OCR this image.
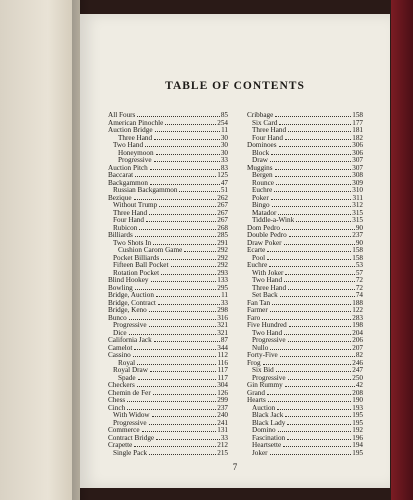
TABLE OF CONTENTS
All Fours	85
American Pinochle	254
Auction Bridge	11
Three Hand	30
Two Hand	30
Honeymoon	30
Progressive	33
Auction Pitch	83
Baccarat	125
Backgammon	47
Russian Backgammon	51
Bezique	262
Without Trump	267
Three Hand	267
Four Hand	267
Rubicon	268
Billiards	285
Two Shots In	291
Cushion Carom Game	292
Pocket Billiards	292
Fifteen Ball Pocket	292
Rotation Pocket	293
Blind Hookey	133
Bowling	295
Bridge, Auction	11
Bridge, Contract	33
Bridge, Keno	298
Bunco	316
Progressive	321
Dice	321
California Jack	87
Camelot	344
Cassino	112
Royal	116
Royal Draw	117
Spade	117
Checkers	304
Chemin de Fer	126
Chess	299
Cinch	237
With Widow	240
Progressive	241
Commerce	131
Contract Bridge	33
Crapette	212
Single Pack	215
Cribbage	158
Six Card	177
Three Hand	181
Four Hand	182
Dominoes	306
Block	306
Draw	307
Muggins	307
Bergen	308
Rounce	309
Euchre	310
Poker	311
Bingo	312
Matador	315
Tiddle-a-Wink	315
Dom Pedro	90
Double Pedro	237
Draw Poker	90
Ecarte	158
Pool	158
Euchre	53
With Joker	57
Two Hand	72
Three Hand	72
Set Back	74
Fan Tan	188
Farmer	122
Faro	283
Five Hundred	198
Two Hand	204
Progressive	206
Nullo	207
Forty-Five	82
Frog	246
Six Bid	247
Progressive	250
Gin Rummy	42
Grand	208
Hearts	190
Auction	193
Black Jack	195
Black Lady	195
Domino	192
Fascination	196
Heartsette	194
Joker	195
7
